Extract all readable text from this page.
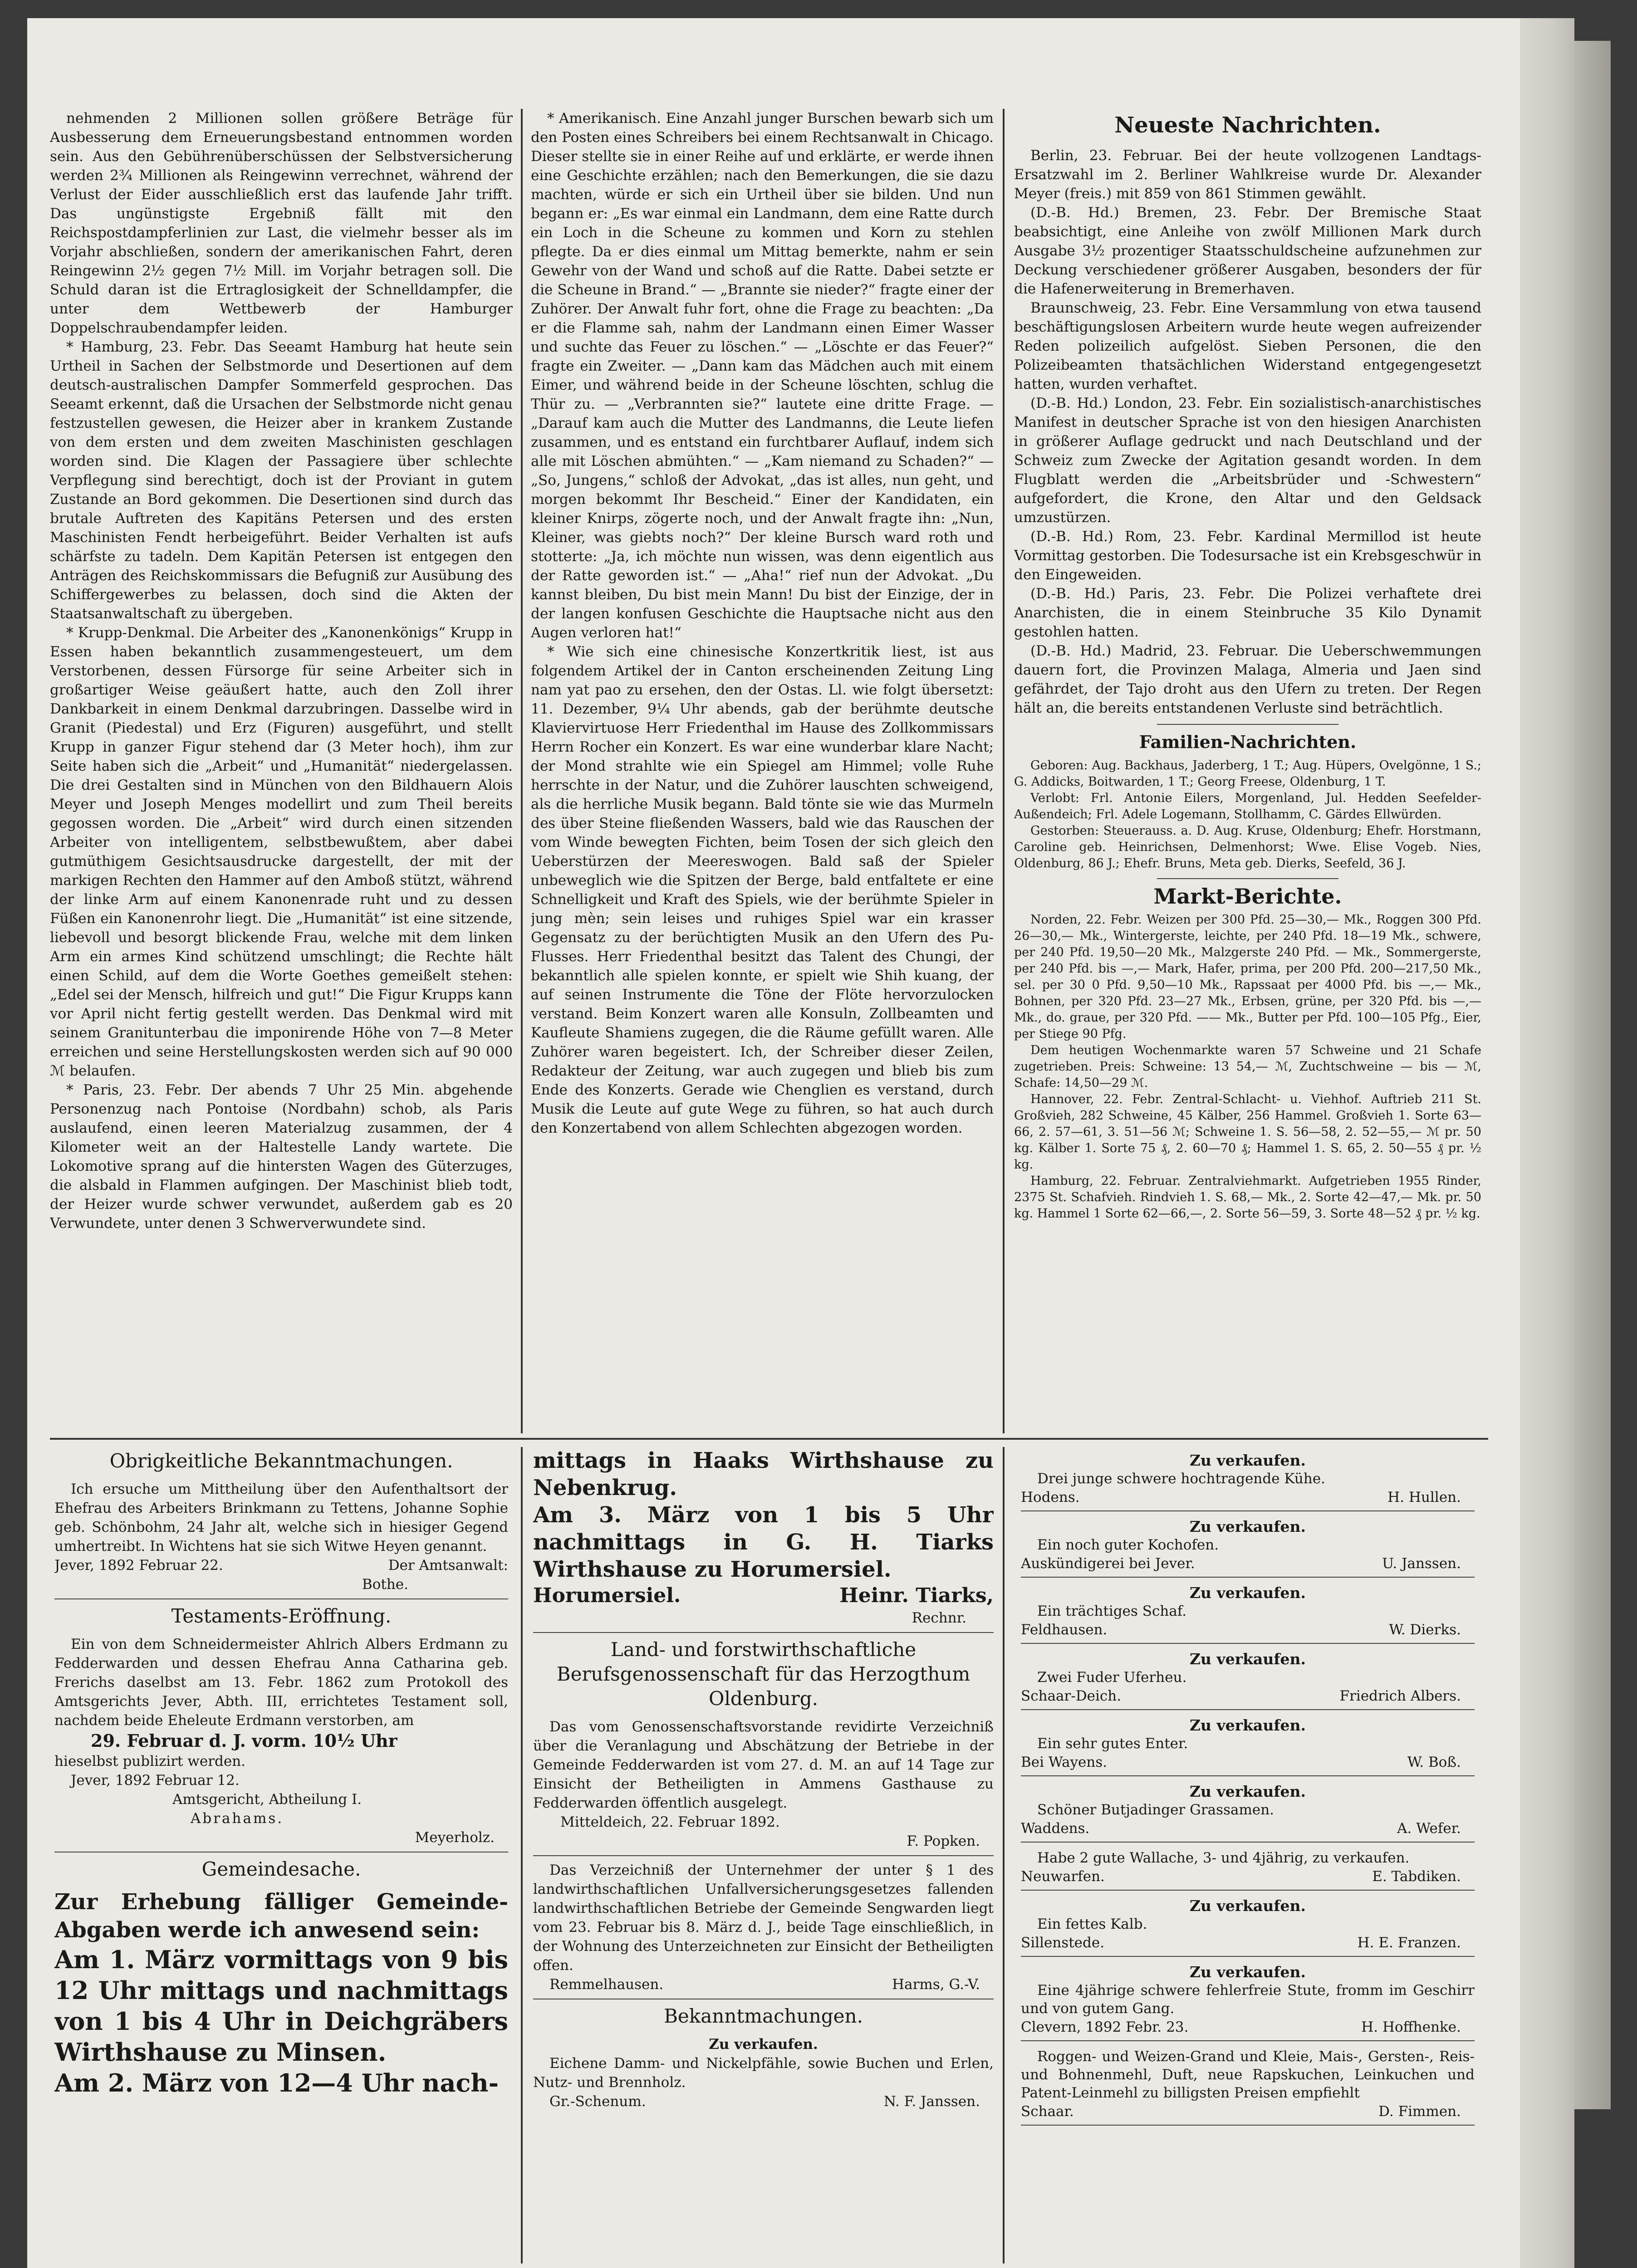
nehmenden 2 Millionen sollen größere Beträge für Ausbesserung dem Erneuerungsbestand entnommen worden sein. Aus den Gebührenüberschüssen der Selbstversicherung werden 2¾ Millionen als Reingewinn verrechnet, während der Verlust der Eider ausschließlich erst das laufende Jahr trifft. Das ungünstigste Ergebniß fällt mit den Reichspostdampferlinien zur Last, die vielmehr besser als im Vorjahr abschließen, sondern der amerikanischen Fahrt, deren Reingewinn 2½ gegen 7½ Mill. im Vorjahr betragen soll. Die Schuld daran ist die Ertraglosigkeit der Schnelldampfer, die unter dem Wettbewerb der Hamburger Doppelschraubendampfer leiden.

* Hamburg, 23. Febr. Das Seeamt Hamburg hat heute sein Urtheil in Sachen der Selbstmorde und Desertionen auf dem deutsch-australischen Dampfer Sommerfeld gesprochen. Das Seeamt erkennt, daß die Ursachen der Selbstmorde nicht genau festzustellen gewesen, die Heizer aber in krankem Zustande von dem ersten und dem zweiten Maschinisten geschlagen worden sind. Die Klagen der Passagiere über schlechte Verpflegung sind berechtigt, doch ist der Proviant in gutem Zustande an Bord gekommen. Die Desertionen sind durch das brutale Auftreten des Kapitäns Petersen und des ersten Maschinisten Fendt herbeigeführt. Beider Verhalten ist aufs schärfste zu tadeln. Dem Kapitän Petersen ist entgegen den Anträgen des Reichskommissars die Befugniß zur Ausübung des Schiffergewerbes zu belassen, doch sind die Akten der Staatsanwaltschaft zu übergeben.

* Krupp-Denkmal. Die Arbeiter des „Kanonenkönigs“ Krupp in Essen haben bekanntlich zusammengesteuert, um dem Verstorbenen, dessen Fürsorge für seine Arbeiter sich in großartiger Weise geäußert hatte, auch den Zoll ihrer Dankbarkeit in einem Denkmal darzubringen. Dasselbe wird in Granit (Piedestal) und Erz (Figuren) ausgeführt, und stellt Krupp in ganzer Figur stehend dar (3 Meter hoch), ihm zur Seite haben sich die „Arbeit“ und „Humanität“ niedergelassen. Die drei Gestalten sind in München von den Bildhauern Alois Meyer und Joseph Menges modellirt und zum Theil bereits gegossen worden. Die „Arbeit“ wird durch einen sitzenden Arbeiter von intelligentem, selbstbewußtem, aber dabei gutmüthigem Gesichtsausdrucke dargestellt, der mit der markigen Rechten den Hammer auf den Amboß stützt, während der linke Arm auf einem Kanonenrade ruht und zu dessen Füßen ein Kanonenrohr liegt. Die „Humanität“ ist eine sitzende, liebevoll und besorgt blickende Frau, welche mit dem linken Arm ein armes Kind schützend umschlingt; die Rechte hält einen Schild, auf dem die Worte Goethes gemeißelt stehen: „Edel sei der Mensch, hilfreich und gut!“ Die Figur Krupps kann vor April nicht fertig gestellt werden. Das Denkmal wird mit seinem Granitunterbau die imponirende Höhe von 7—8 Meter erreichen und seine Herstellungskosten werden sich auf 90 000 ℳ belaufen.

* Paris, 23. Febr. Der abends 7 Uhr 25 Min. abgehende Personenzug nach Pontoise (Nordbahn) schob, als Paris auslaufend, einen leeren Materialzug zusammen, der 4 Kilometer weit an der Haltestelle Landy wartete. Die Lokomotive sprang auf die hintersten Wagen des Güterzuges, die alsbald in Flammen aufgingen. Der Maschinist blieb todt, der Heizer wurde schwer verwundet, außerdem gab es 20 Verwundete, unter denen 3 Schwerverwundete sind.

* Amerikanisch. Eine Anzahl junger Burschen bewarb sich um den Posten eines Schreibers bei einem Rechtsanwalt in Chicago. Dieser stellte sie in einer Reihe auf und erklärte, er werde ihnen eine Geschichte erzählen; nach den Bemerkungen, die sie dazu machten, würde er sich ein Urtheil über sie bilden. Und nun begann er: „Es war einmal ein Landmann, dem eine Ratte durch ein Loch in die Scheune zu kommen und Korn zu stehlen pflegte. Da er dies einmal um Mittag bemerkte, nahm er sein Gewehr von der Wand und schoß auf die Ratte. Dabei setzte er die Scheune in Brand.“ — „Brannte sie nieder?“ fragte einer der Zuhörer. Der Anwalt fuhr fort, ohne die Frage zu beachten: „Da er die Flamme sah, nahm der Landmann einen Eimer Wasser und suchte das Feuer zu löschen.“ — „Löschte er das Feuer?“ fragte ein Zweiter. — „Dann kam das Mädchen auch mit einem Eimer, und während beide in der Scheune löschten, schlug die Thür zu. — „Verbrannten sie?“ lautete eine dritte Frage. — „Darauf kam auch die Mutter des Landmanns, die Leute liefen zusammen, und es entstand ein furchtbarer Auflauf, indem sich alle mit Löschen abmühten.“ — „Kam niemand zu Schaden?“ — „So, Jungens,“ schloß der Advokat, „das ist alles, nun geht, und morgen bekommt Ihr Bescheid.“ Einer der Kandidaten, ein kleiner Knirps, zögerte noch, und der Anwalt fragte ihn: „Nun, Kleiner, was giebts noch?“ Der kleine Bursch ward roth und stotterte: „Ja, ich möchte nun wissen, was denn eigentlich aus der Ratte geworden ist.“ — „Aha!“ rief nun der Advokat. „Du kannst bleiben, Du bist mein Mann! Du bist der Einzige, der in der langen konfusen Geschichte die Hauptsache nicht aus den Augen verloren hat!“

* Wie sich eine chinesische Konzertkritik liest, ist aus folgendem Artikel der in Canton erscheinenden Zeitung Ling nam yat pao zu ersehen, den der Ostas. Ll. wie folgt übersetzt: 11. Dezember, 9¼ Uhr abends, gab der berühmte deutsche Klaviervirtuose Herr Friedenthal im Hause des Zollkommissars Herrn Rocher ein Konzert. Es war eine wunderbar klare Nacht; der Mond strahlte wie ein Spiegel am Himmel; volle Ruhe herrschte in der Natur, und die Zuhörer lauschten schweigend, als die herrliche Musik begann. Bald tönte sie wie das Murmeln des über Steine fließenden Wassers, bald wie das Rauschen der vom Winde bewegten Fichten, beim Tosen der sich gleich den Ueberstürzen der Meereswogen. Bald saß der Spieler unbeweglich wie die Spitzen der Berge, bald entfaltete er eine Schnelligkeit und Kraft des Spiels, wie der berühmte Spieler in jung mèn; sein leises und ruhiges Spiel war ein krasser Gegensatz zu der berüchtigten Musik an den Ufern des Pu-Flusses. Herr Friedenthal besitzt das Talent des Chungi, der bekanntlich alle spielen konnte, er spielt wie Shih kuang, der auf seinen Instrumente die Töne der Flöte hervorzulocken verstand. Beim Konzert waren alle Konsuln, Zollbeamten und Kaufleute Shamiens zugegen, die die Räume gefüllt waren. Alle Zuhörer waren begeistert. Ich, der Schreiber dieser Zeilen, Redakteur der Zeitung, war auch zugegen und blieb bis zum Ende des Konzerts. Gerade wie Chenglien es verstand, durch Musik die Leute auf gute Wege zu führen, so hat auch durch den Konzertabend von allem Schlechten abgezogen worden.

Neueste Nachrichten.

Berlin, 23. Februar. Bei der heute vollzogenen Landtags-Ersatzwahl im 2. Berliner Wahlkreise wurde Dr. Alexander Meyer (freis.) mit 859 von 861 Stimmen gewählt.

(D.-B. Hd.) Bremen, 23. Febr. Der Bremische Staat beabsichtigt, eine Anleihe von zwölf Millionen Mark durch Ausgabe 3½ prozentiger Staatsschuldscheine aufzunehmen zur Deckung verschiedener größerer Ausgaben, besonders der für die Hafenerweiterung in Bremerhaven.

Braunschweig, 23. Febr. Eine Versammlung von etwa tausend beschäftigungslosen Arbeitern wurde heute wegen aufreizender Reden polizeilich aufgelöst. Sieben Personen, die den Polizeibeamten thatsächlichen Widerstand entgegengesetzt hatten, wurden verhaftet.

(D.-B. Hd.) London, 23. Febr. Ein sozialistisch-anarchistisches Manifest in deutscher Sprache ist von den hiesigen Anarchisten in größerer Auflage gedruckt und nach Deutschland und der Schweiz zum Zwecke der Agitation gesandt worden. In dem Flugblatt werden die „Arbeitsbrüder und -Schwestern“ aufgefordert, die Krone, den Altar und den Geldsack umzustürzen.

(D.-B. Hd.) Rom, 23. Febr. Kardinal Mermillod ist heute Vormittag gestorben. Die Todesursache ist ein Krebsgeschwür in den Eingeweiden.

(D.-B. Hd.) Paris, 23. Febr. Die Polizei verhaftete drei Anarchisten, die in einem Steinbruche 35 Kilo Dynamit gestohlen hatten.

(D.-B. Hd.) Madrid, 23. Februar. Die Ueberschwemmungen dauern fort, die Provinzen Malaga, Almeria und Jaen sind gefährdet, der Tajo droht aus den Ufern zu treten. Der Regen hält an, die bereits entstandenen Verluste sind beträchtlich.

Familien-Nachrichten.

Geboren: Aug. Backhaus, Jaderberg, 1 T.; Aug. Hüpers, Ovelgönne, 1 S.; G. Addicks, Boitwarden, 1 T.; Georg Freese, Oldenburg, 1 T.

Verlobt: Frl. Antonie Eilers, Morgenland, Jul. Hedden Seefelder-Außendeich; Frl. Adele Logemann, Stollhamm, C. Gärdes Ellwürden.

Gestorben: Steuerauss. a. D. Aug. Kruse, Oldenburg; Ehefr. Horstmann, Caroline geb. Heinrichsen, Delmenhorst; Wwe. Elise Vogeb. Nies, Oldenburg, 86 J.; Ehefr. Bruns, Meta geb. Dierks, Seefeld, 36 J.

Markt-Berichte.

Norden, 22. Febr. Weizen per 300 Pfd. 25—30,— Mk., Roggen 300 Pfd. 26—30,— Mk., Wintergerste, leichte, per 240 Pfd. 18—19 Mk., schwere, per 240 Pfd. 19,50—20 Mk., Malzgerste 240 Pfd. — Mk., Sommergerste, per 240 Pfd. bis —,— Mark, Hafer, prima, per 200 Pfd. 200—217,50 Mk., sel. per 30 0 Pfd. 9,50—10 Mk., Rapssaat per 4000 Pfd. bis —,— Mk., Bohnen, per 320 Pfd. 23—27 Mk., Erbsen, grüne, per 320 Pfd. bis —,— Mk., do. graue, per 320 Pfd. —— Mk., Butter per Pfd. 100—105 Pfg., Eier, per Stiege 90 Pfg.

Dem heutigen Wochenmarkte waren 57 Schweine und 21 Schafe zugetrieben. Preis: Schweine: 13 54,— ℳ, Zuchtschweine — bis — ℳ, Schafe: 14,50—29 ℳ.

Hannover, 22. Febr. Zentral-Schlacht- u. Viehhof. Auftrieb 211 St. Großvieh, 282 Schweine, 45 Kälber, 256 Hammel. Großvieh 1. Sorte 63—66, 2. 57—61, 3. 51—56 ℳ; Schweine 1. S. 56—58, 2. 52—55,— ℳ pr. 50 kg. Kälber 1. Sorte 75 ₰, 2. 60—70 ₰; Hammel 1. S. 65, 2. 50—55 ₰ pr. ½ kg.

Hamburg, 22. Februar. Zentralviehmarkt. Aufgetrieben 1955 Rinder, 2375 St. Schafvieh. Rindvieh 1. S. 68,— Mk., 2. Sorte 42—47,— Mk. pr. 50 kg. Hammel 1 Sorte 62—66,—, 2. Sorte 56—59, 3. Sorte 48—52 ₰ pr. ½ kg.

Obrigkeitliche Bekanntmachungen.

Ich ersuche um Mittheilung über den Aufenthaltsort der Ehefrau des Arbeiters Brinkmann zu Tettens, Johanne Sophie geb. Schönbohm, 24 Jahr alt, welche sich in hiesiger Gegend umhertreibt. In Wichtens hat sie sich Witwe Heyen genannt.

Jever, 1892 Februar 22.	Der Amtsanwalt:
Bothe.
Testaments-Eröffnung.

Ein von dem Schneidermeister Ahlrich Albers Erdmann zu Fedderwarden und dessen Ehefrau Anna Catharina geb. Frerichs daselbst am 13. Febr. 1862 zum Protokoll des Amtsgerichts Jever, Abth. III, errichtetes Testament soll, nachdem beide Eheleute Erdmann verstorben, am

29. Februar d. J. vorm. 10½ Uhr
hieselbst publizirt werden.
Jever, 1892 Februar 12.
Amtsgericht, Abtheilung I.
Abrahams.
Meyerholz.
Gemeindesache.
Zur Erhebung fälliger Gemeinde-Abgaben werde ich anwesend sein:
Am 1. März vormittags von 9 bis 12 Uhr mittags und nachmittags von 1 bis 4 Uhr in Deichgräbers Wirthshause zu Minsen.
Am 2. März von 12—4 Uhr nach-
mittags in Haaks Wirthshause zu Nebenkrug.
Am 3. März von 1 bis 5 Uhr nachmittags in G. H. Tiarks Wirthshause zu Horumersiel.
Horumersiel.	Heinr. Tiarks,
Rechnr.
Land- und forstwirthschaftliche Berufsgenossenschaft für das Herzogthum Oldenburg.

Das vom Genossenschaftsvorstande revidirte Verzeichniß über die Veranlagung und Abschätzung der Betriebe in der Gemeinde Fedderwarden ist vom 27. d. M. an auf 14 Tage zur Einsicht der Betheiligten in Ammens Gasthause zu Fedderwarden öffentlich ausgelegt.

Mitteldeich, 22. Februar 1892.
F. Popken.

Das Verzeichniß der Unternehmer der unter § 1 des landwirthschaftlichen Unfallversicherungsgesetzes fallenden landwirthschaftlichen Betriebe der Gemeinde Sengwarden liegt vom 23. Februar bis 8. März d. J., beide Tage einschließlich, in der Wohnung des Unterzeichneten zur Einsicht der Betheiligten offen.

Remmelhausen.	Harms, G.-V.
Bekanntmachungen.
Zu verkaufen.

Eichene Damm- und Nickelpfähle, sowie Buchen und Erlen, Nutz- und Brennholz.

Gr.-Schenum.	N. F. Janssen.
Zu verkaufen.
Drei junge schwere hochtragende Kühe.
Hodens.	H. Hullen.
Zu verkaufen.
Ein noch guter Kochofen.
Auskündigerei bei Jever.	U. Janssen.
Zu verkaufen.
Ein trächtiges Schaf.
Feldhausen.	W. Dierks.
Zu verkaufen.
Zwei Fuder Uferheu.
Schaar-Deich.	Friedrich Albers.
Zu verkaufen.
Ein sehr gutes Enter.
Bei Wayens.	W. Boß.
Zu verkaufen.
Schöner Butjadinger Grassamen.
Waddens.	A. Wefer.
Habe 2 gute Wallache, 3- und 4jährig, zu verkaufen.
Neuwarfen.	E. Tabdiken.
Zu verkaufen.
Ein fettes Kalb.
Sillenstede.	H. E. Franzen.
Zu verkaufen.
Eine 4jährige schwere fehlerfreie Stute, fromm im Geschirr und von gutem Gang.
Clevern, 1892 Febr. 23.	H. Hoffhenke.
Roggen- und Weizen-Grand und Kleie, Mais-, Gersten-, Reis- und Bohnenmehl, Duft, neue Rapskuchen, Leinkuchen und Patent-Leinmehl zu billigsten Preisen empfiehlt
Schaar.	D. Fimmen.
